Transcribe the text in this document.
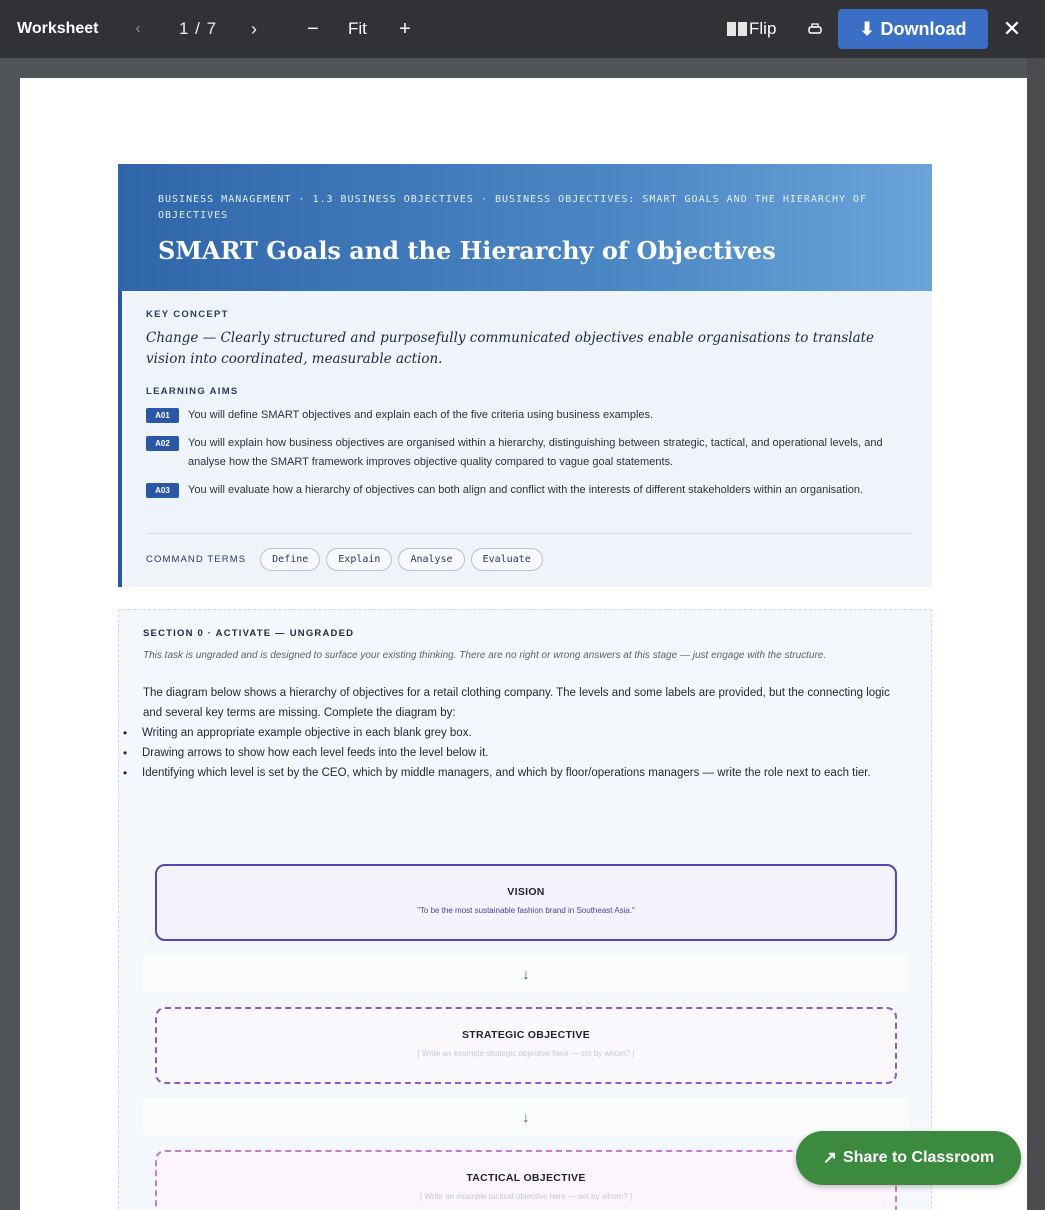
Worksheet	‹	1 / 7 ›	− Fit +	Flip	⬇ Download ✕
BUSINESS MANAGEMENT · 1.3 BUSINESS OBJECTIVES · BUSINESS OBJECTIVES: SMART GOALS AND THE HIERARCHY OF OBJECTIVES
SMART Goals and the Hierarchy of Objectives
KEY CONCEPT
Change — Clearly structured and purposefully communicated objectives enable organisations to translate vision into coordinated, measurable action.
LEARNING AIMS
A01	You will define SMART objectives and explain each of the five criteria using business examples.
A02	You will explain how business objectives are organised within a hierarchy, distinguishing between strategic, tactical, and operational levels, and analyse how the SMART framework improves objective quality compared to vague goal statements.
A03	You will evaluate how a hierarchy of objectives can both align and conflict with the interests of different stakeholders within an organisation.
COMMAND TERMS	Define	Explain	Analyse	Evaluate
SECTION 0 · ACTIVATE — UNGRADED
This task is ungraded and is designed to surface your existing thinking. There are no right or wrong answers at this stage — just engage with the structure.
The diagram below shows a hierarchy of objectives for a retail clothing company. The levels and some labels are provided, but the connecting logic and several key terms are missing. Complete the diagram by:
• Writing an appropriate example objective in each blank grey box.
• Drawing arrows to show how each level feeds into the level below it.
• Identifying which level is set by the CEO, which by middle managers, and which by floor/operations managers — write the role next to each tier.
VISION
"To be the most sustainable fashion brand in Southeast Asia."
↓
STRATEGIC OBJECTIVE
[ Write an example strategic objective here — set by whom? ]
↓
TACTICAL OBJECTIVE
[ Write an example tactical objective here — set by whom? ]
↗ Share to Classroom
